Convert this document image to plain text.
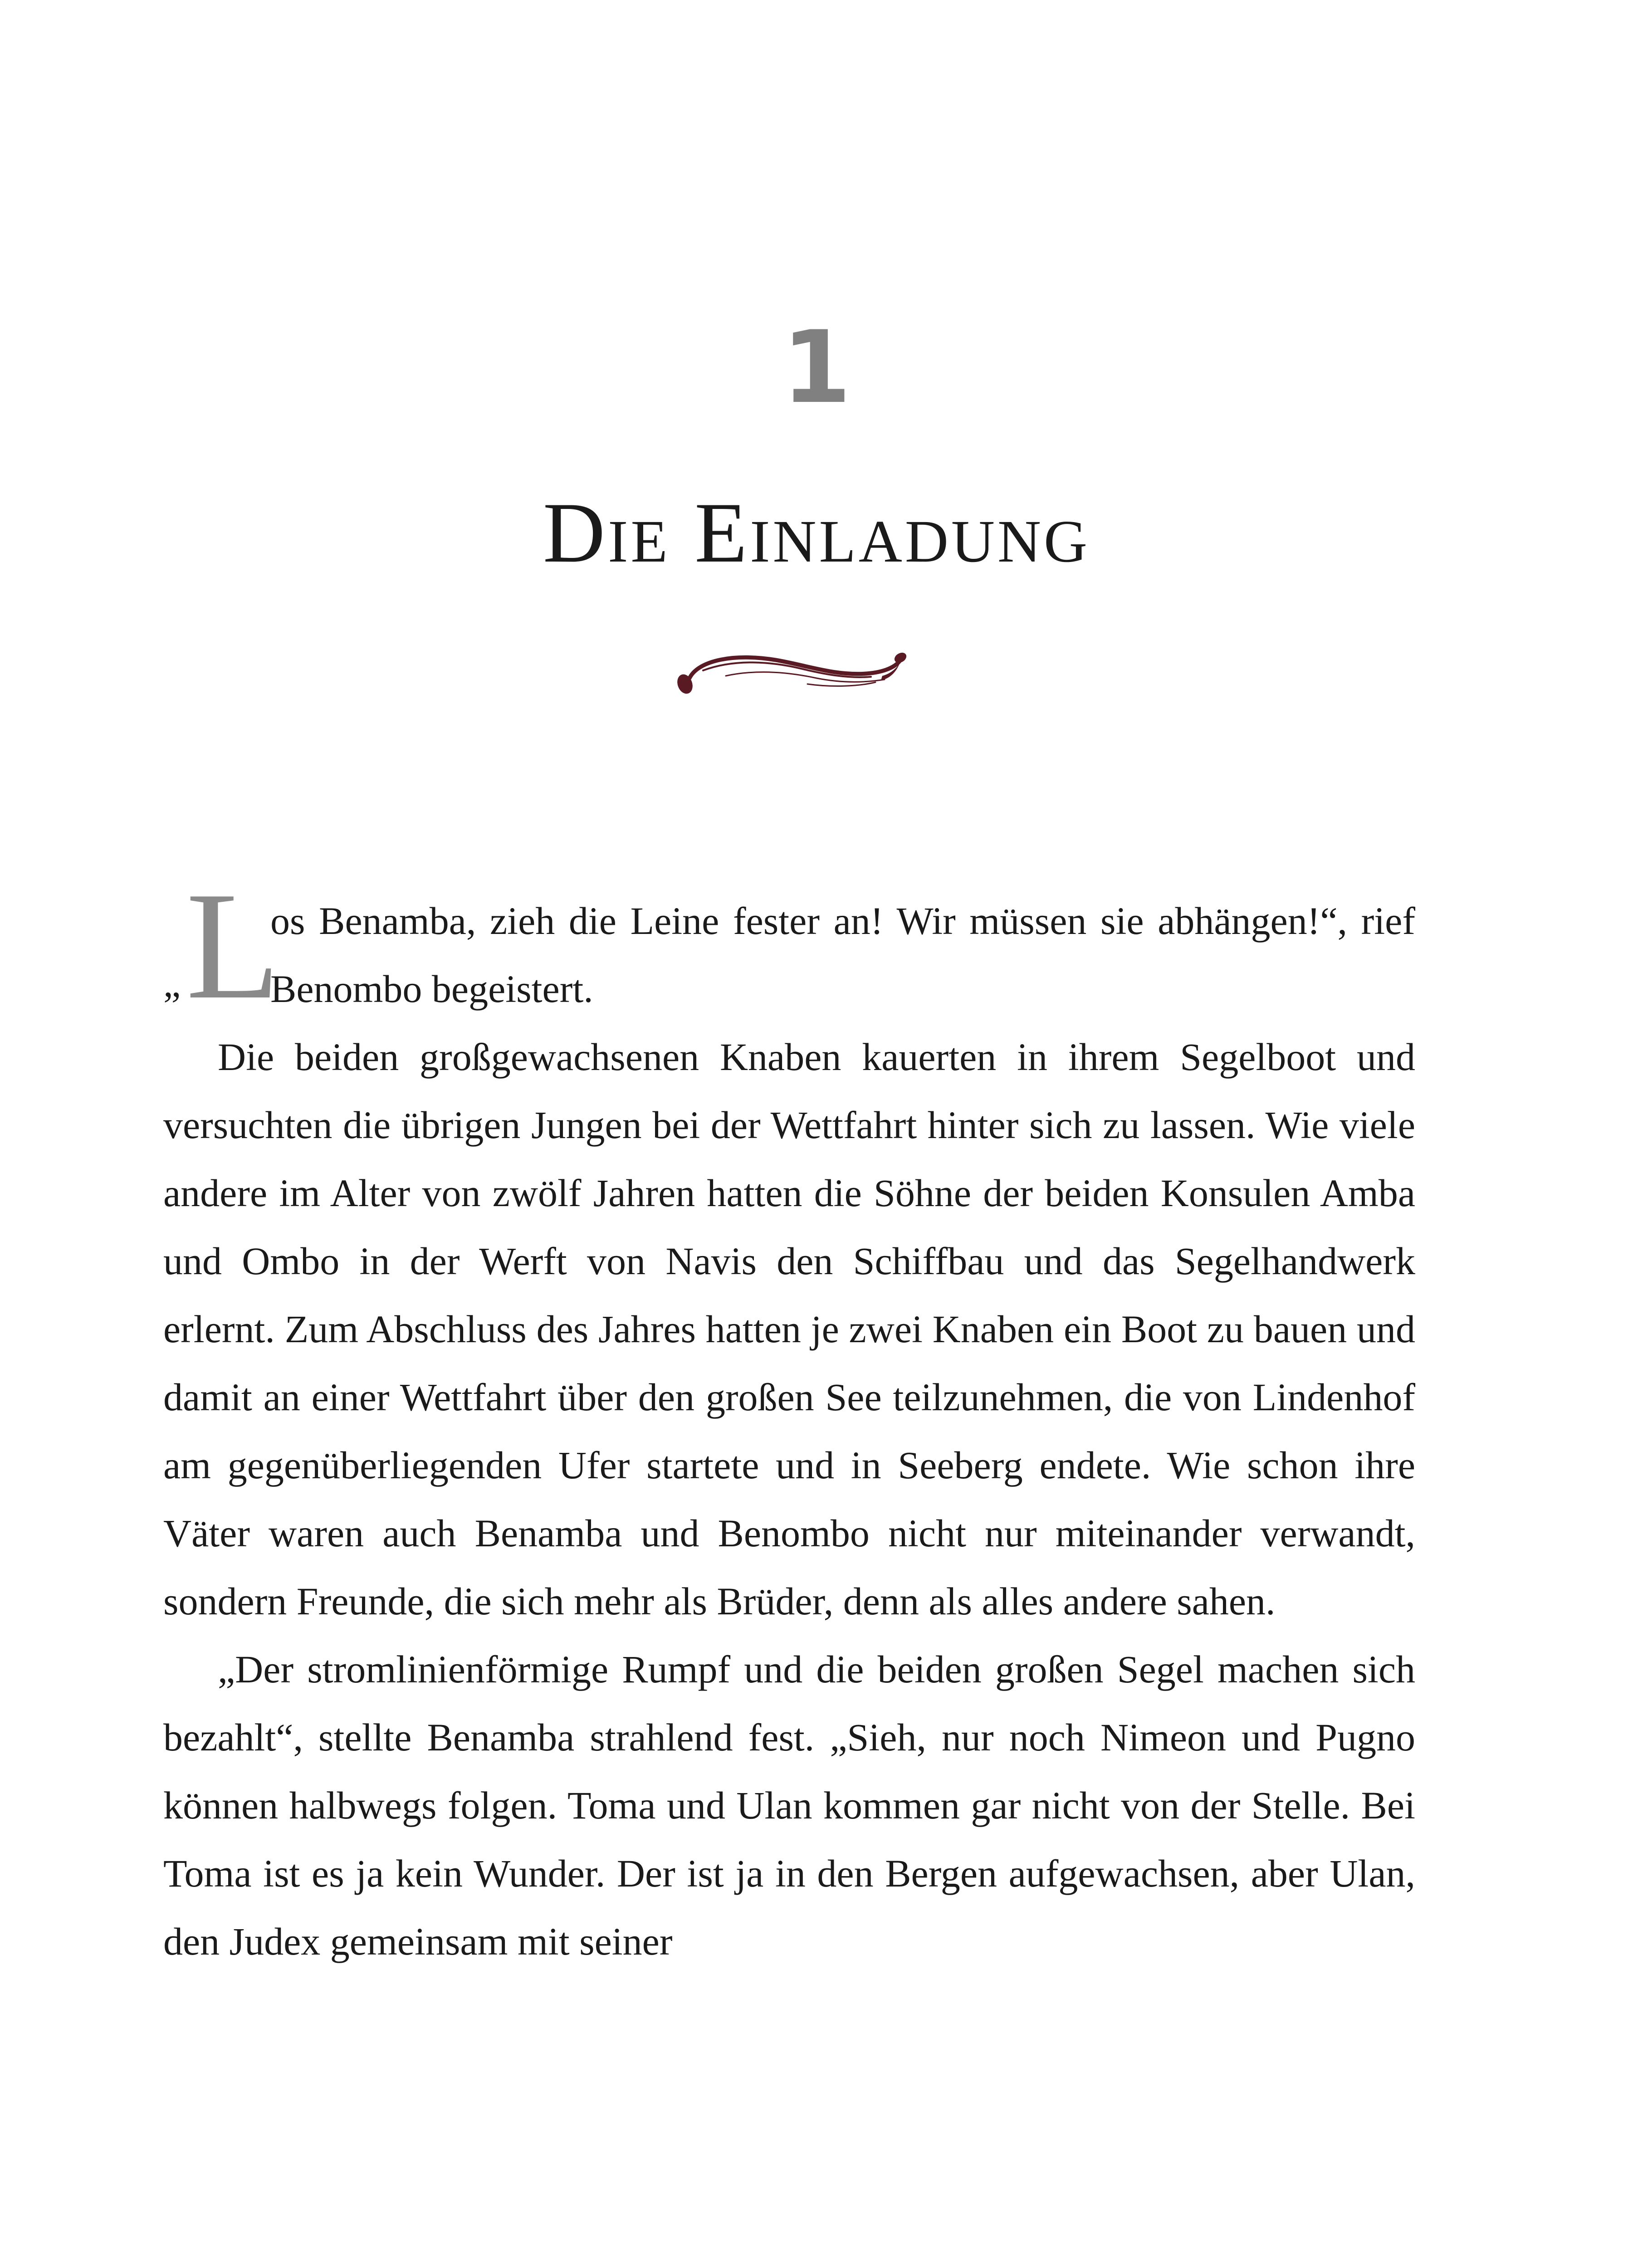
1
Die Einladung

„ L
os Benamba, zieh die Leine fester an! Wir müssen sie abhängen!“, rief Benombo begeistert.

Die beiden großgewachsenen Knaben kauerten in ihrem Segelboot und versuchten die übrigen Jungen bei der Wettfahrt hinter sich zu lassen. Wie viele andere im Alter von zwölf Jahren hatten die Söhne der beiden Konsulen Amba und Ombo in der Werft von Navis den Schiffbau und das Segelhandwerk erlernt. Zum Abschluss des Jahres hatten je zwei Knaben ein Boot zu bauen und damit an einer Wettfahrt über den großen See teilzunehmen, die von Lindenhof am gegenüberliegenden Ufer startete und in Seeberg endete. Wie schon ihre Väter waren auch Benamba und Benombo nicht nur miteinander verwandt, sondern Freunde, die sich mehr als Brüder, denn als alles andere sahen.

„Der stromlinienförmige Rumpf und die beiden großen Segel machen sich bezahlt“, stellte Benamba strahlend fest. „Sieh, nur noch Nimeon und Pugno können halbwegs folgen. Toma und Ulan kommen gar nicht von der Stelle. Bei Toma ist es ja kein Wunder. Der ist ja in den Bergen aufgewachsen, aber Ulan, den Judex gemeinsam mit seiner
